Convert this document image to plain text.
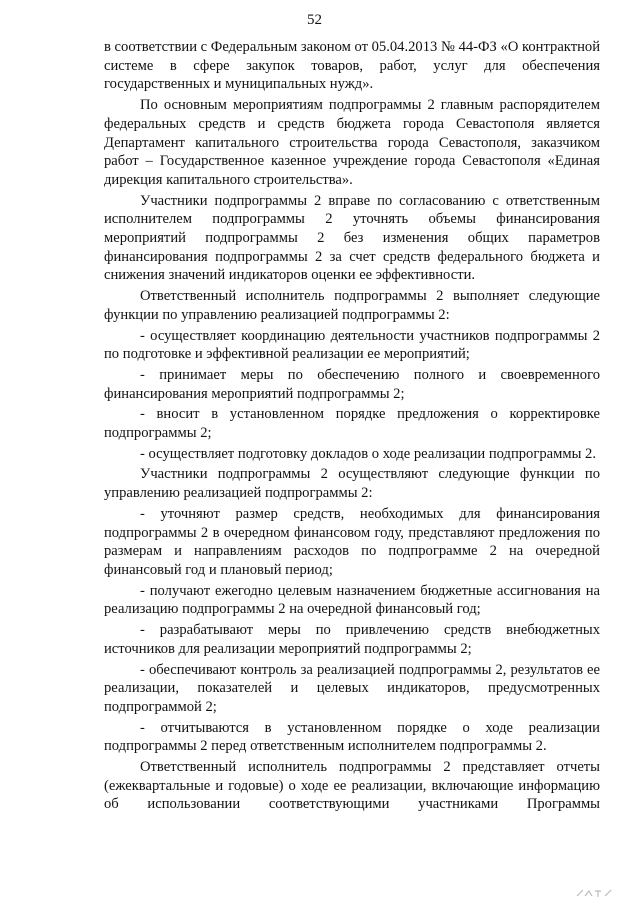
52

в соответствии с Федеральным законом от 05.04.2013 № 44-ФЗ «О контрактной системе в сфере закупок товаров, работ, услуг для обеспечения государственных и муниципальных нужд».

По основным мероприятиям подпрограммы 2 главным распорядителем федеральных средств и средств бюджета города Севастополя является Департамент капитального строительства города Севастополя, заказчиком работ – Государственное казенное учреждение города Севастополя «Единая дирекция капитального строительства».

Участники подпрограммы 2 вправе по согласованию с ответственным исполнителем подпрограммы 2 уточнять объемы финансирования мероприятий подпрограммы 2 без изменения общих параметров финансирования подпрограммы 2 за счет средств федерального бюджета и снижения значений индикаторов оценки ее эффективности.

Ответственный исполнитель подпрограммы 2 выполняет следующие функции по управлению реализацией подпрограммы 2:

- осуществляет координацию деятельности участников подпрограммы 2 по подготовке и эффективной реализации ее мероприятий;

- принимает меры по обеспечению полного и своевременного финансирования мероприятий подпрограммы 2;

- вносит в установленном порядке предложения о корректировке подпрограммы 2;

- осуществляет подготовку докладов о ходе реализации подпрограммы 2.

Участники подпрограммы 2 осуществляют следующие функции по управлению реализацией подпрограммы 2:

- уточняют размер средств, необходимых для финансирования подпрограммы 2 в очередном финансовом году, представляют предложения по размерам и направлениям расходов по подпрограмме 2 на очередной финансовый год и плановый период;

- получают ежегодно целевым назначением бюджетные ассигнования на реализацию подпрограммы 2 на очередной финансовый год;

- разрабатывают меры по привлечению средств внебюджетных источников для реализации мероприятий подпрограммы 2;

- обеспечивают контроль за реализацией подпрограммы 2, результатов ее реализации, показателей и целевых индикаторов, предусмотренных подпрограммой 2;

- отчитываются в установленном порядке о ходе реализации подпрограммы 2 перед ответственным исполнителем подпрограммы 2.

Ответственный исполнитель подпрограммы 2 представляет отчеты (ежеквартальные и годовые) о ходе ее реализации, включающие информацию об использовании соответствующими участниками Программы
